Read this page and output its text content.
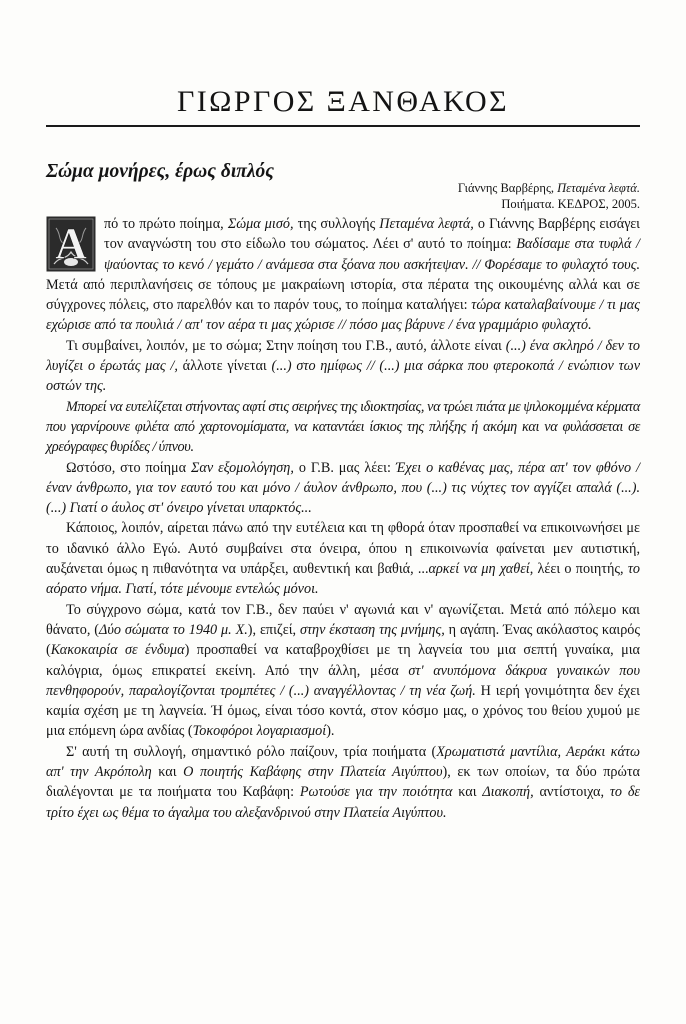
ΓΙΩΡΓΟΣ ΞΑΝΘΑΚΟΣ
Σώμα μονήρες, έρως διπλός
Γιάννης Βαρβέρης, Πεταμένα λεφτά.
Ποιήματα. ΚΕΔΡΟΣ, 2005.
Α	πό το πρώτο ποίημα, Σώμα μισό, της συλλογής Πεταμένα λεφτά, ο Γιάννης Βαρβέρης εισάγει τον αναγνώστη του στο είδωλο του σώματος. Λέει σ' αυτό το ποίημα: Βαδίσαμε στα τυφλά / ψαύοντας το κενό / γεμάτο / ανάμεσα στα ξόανα που ασκήτεψαν. // Φορέσαμε το φυλαχτό τους. Μετά από περιπλανήσεις σε τόπους με μακραίωνη ιστορία, στα πέρατα της οικουμένης αλλά και σε σύγχρονες πόλεις, στο παρελθόν και το παρόν τους, το ποίημα καταλήγει: τώρα καταλαβαίνουμε / τι μας εχώρισε από τα πουλιά / απ' τον αέρα τι μας χώρισε // πόσο μας βάρυνε / ένα γραμμάριο φυλαχτό.

Τι συμβαίνει, λοιπόν, με το σώμα; Στην ποίηση του Γ.Β., αυτό, άλλοτε είναι (...) ένα σκληρό / δεν το λυγίζει ο έρωτάς μας /, άλλοτε γίνεται (...) στο ημίφως // (...) μια σάρκα που φτεροκοπά / ενώπιον των οστών της.

Μπορεί να ευτελίζεται στήνοντας αφτί στις σειρήνες της ιδιοκτησίας, να τρώει πιάτα με ψιλοκομμένα κέρματα που γαρνίρουνε φιλέτα από χαρτονομίσματα, να καταντάει ίσκιος της πλήξης ή ακόμη και να φυλάσσεται σε χρεόγραφες θυρίδες / ύπνου.

Ωστόσο, στο ποίημα Σαν εξομολόγηση, ο Γ.Β. μας λέει: Έχει ο καθένας μας, πέρα απ' τον φθόνο / έναν άνθρωπο, για τον εαυτό του και μόνο / άυλον άνθρωπο, που (...) τις νύχτες τον αγγίζει απαλά (...). (...) Γιατί ο άυλος στ' όνειρο γίνεται υπαρκτός...

Κάποιος, λοιπόν, αίρεται πάνω από την ευτέλεια και τη φθορά όταν προσπαθεί να επικοινωνήσει με το ιδανικό άλλο Εγώ. Αυτό συμβαίνει στα όνειρα, όπου η επικοινωνία φαίνεται μεν αυτιστική, αυξάνεται όμως η πιθανότητα να υπάρξει, αυθεντική και βαθιά, ...αρκεί να μη χαθεί, λέει ο ποιητής, το αόρατο νήμα. Γιατί, τότε μένουμε εντελώς μόνοι.

Το σύγχρονο σώμα, κατά τον Γ.Β., δεν παύει ν' αγωνιά και ν' αγωνίζεται. Μετά από πόλεμο και θάνατο, (Δύο σώματα το 1940 μ. Χ.), επιζεί, στην έκσταση της μνήμης, η αγάπη. Ένας ακόλαστος καιρός (Κακοκαιρία σε ένδυμα) προσπαθεί να καταβροχθίσει με τη λαγνεία του μια σεπτή γυναίκα, μια καλόγρια, όμως επικρατεί εκείνη. Από την άλλη, μέσα στ' ανυπόμονα δάκρυα γυναικών που πενθηφορούν, παραλογίζονται τρομπέτες / (...) αναγγέλλοντας / τη νέα ζωή. Η ιερή γονιμότητα δεν έχει καμία σχέση με τη λαγνεία. Ή όμως, είναι τόσο κοντά, στον κόσμο μας, ο χρόνος του θείου χυμού με μια επόμενη ώρα ανδίας (Τοκοφόροι λογαριασμοί).

Σ' αυτή τη συλλογή, σημαντικό ρόλο παίζουν, τρία ποιήματα (Χρωματιστά μαντίλια, Αεράκι κάτω απ' την Ακρόπολη και Ο ποιητής Καβάφης στην Πλατεία Αιγύπτου), εκ των οποίων, τα δύο πρώτα διαλέγονται με τα ποιήματα του Καβάφη: Ρωτούσε για την ποιότητα και Διακοπή, αντίστοιχα, το δε τρίτο έχει ως θέμα το άγαλμα του αλεξανδρινού στην Πλατεία Αιγύπτου.
